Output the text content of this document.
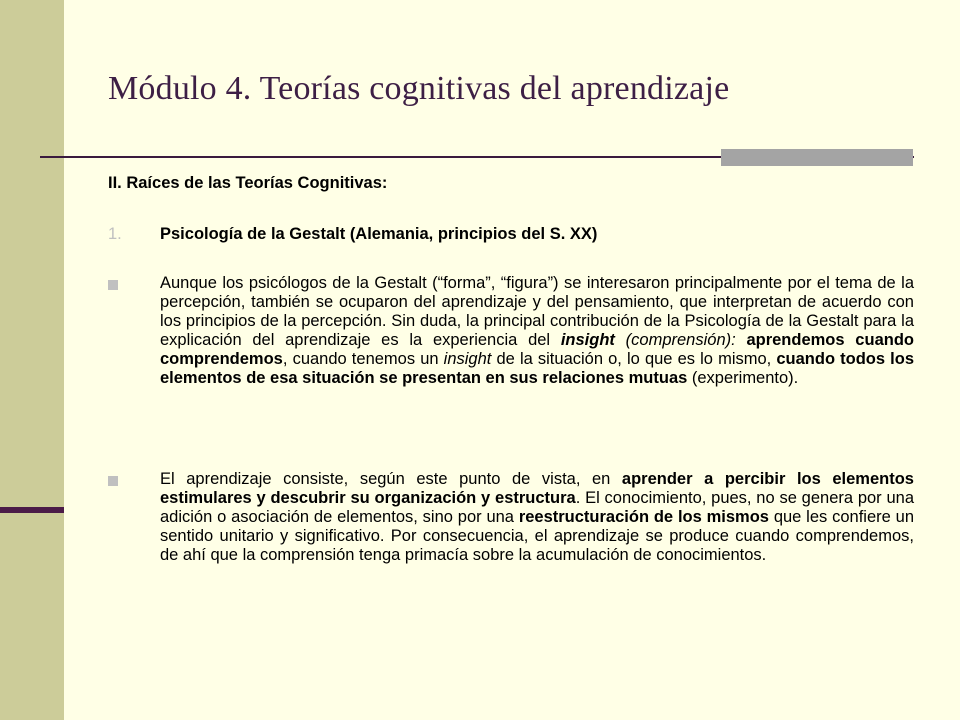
Módulo 4. Teorías cognitivas del aprendizaje
II. Raíces de las Teorías Cognitivas:
1. Psicología de la Gestalt (Alemania, principios del S. XX)
Aunque los psicólogos de la Gestalt (“forma”, “figura”) se interesaron principalmente por el tema de la percepción, también se ocuparon del aprendizaje y del pensamiento, que interpretan de acuerdo con los principios de la percepción. Sin duda, la principal contribución de la Psicología de la Gestalt para la explicación del aprendizaje es la experiencia del insight (comprensión): aprendemos cuando comprendemos, cuando tenemos un insight de la situación o, lo que es lo mismo, cuando todos los elementos de esa situación se presentan en sus relaciones mutuas (experimento).
El aprendizaje consiste, según este punto de vista, en aprender a percibir los elementos estimulares y descubrir su organización y estructura. El conocimiento, pues, no se genera por una adición o asociación de elementos, sino por una reestructuración de los mismos que les confiere un sentido unitario y significativo. Por consecuencia, el aprendizaje se produce cuando comprendemos, de ahí que la comprensión tenga primacía sobre la acumulación de conocimientos.
